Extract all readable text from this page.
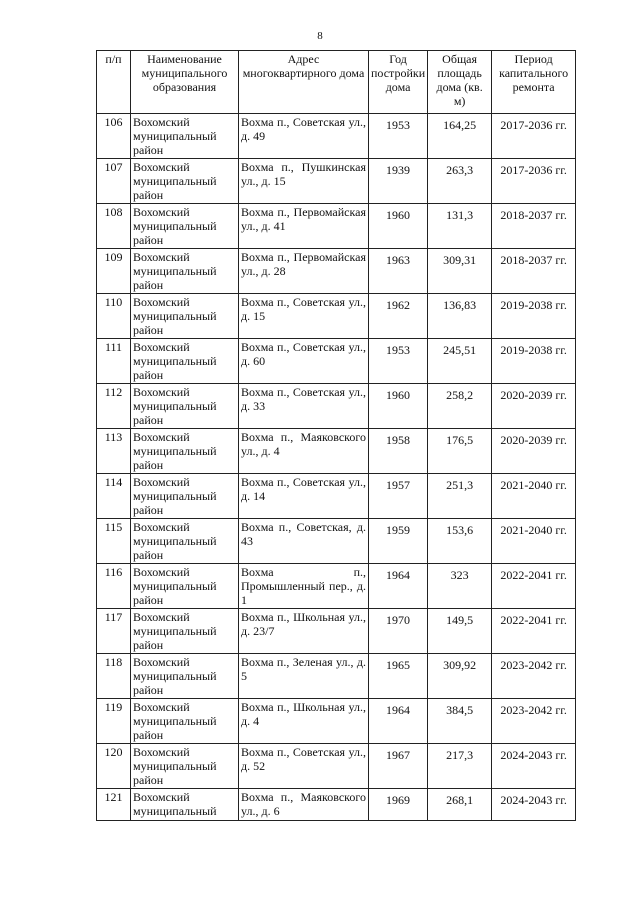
8
п/п	Наименование муниципального образования	Адрес многоквартирного дома	Год постройки дома	Общая площадь дома (кв. м)	Период капитального ремонта
106	Вохомский муниципальный район	Вохма п., Советская ул., д. 49	1953	164,25	2017-2036 гг.
107	Вохомский муниципальный район	Вохма п., Пушкинская ул., д. 15	1939	263,3	2017-2036 гг.
108	Вохомский муниципальный район	Вохма п., Первомайская ул., д. 41	1960	131,3	2018-2037 гг.
109	Вохомский муниципальный район	Вохма п., Первомайская ул., д. 28	1963	309,31	2018-2037 гг.
110	Вохомский муниципальный район	Вохма п., Советская ул., д. 15	1962	136,83	2019-2038 гг.
111	Вохомский муниципальный район	Вохма п., Советская ул., д. 60	1953	245,51	2019-2038 гг.
112	Вохомский муниципальный район	Вохма п., Советская ул., д. 33	1960	258,2	2020-2039 гг.
113	Вохомский муниципальный район	Вохма п., Маяковского ул., д. 4	1958	176,5	2020-2039 гг.
114	Вохомский муниципальный район	Вохма п., Советская ул., д. 14	1957	251,3	2021-2040 гг.
115	Вохомский муниципальный район	Вохма п., Советская, д. 43	1959	153,6	2021-2040 гг.
116	Вохомский муниципальный район	Вохма п., Промышленный пер., д. 1	1964	323	2022-2041 гг.
117	Вохомский муниципальный район	Вохма п., Школьная ул., д. 23/7	1970	149,5	2022-2041 гг.
118	Вохомский муниципальный район	Вохма п., Зеленая ул., д. 5	1965	309,92	2023-2042 гг.
119	Вохомский муниципальный район	Вохма п., Школьная ул., д. 4	1964	384,5	2023-2042 гг.
120	Вохомский муниципальный район	Вохма п., Советская ул., д. 52	1967	217,3	2024-2043 гг.
121	Вохомский муниципальный	Вохма п., Маяковского ул., д. 6	1969	268,1	2024-2043 гг.
